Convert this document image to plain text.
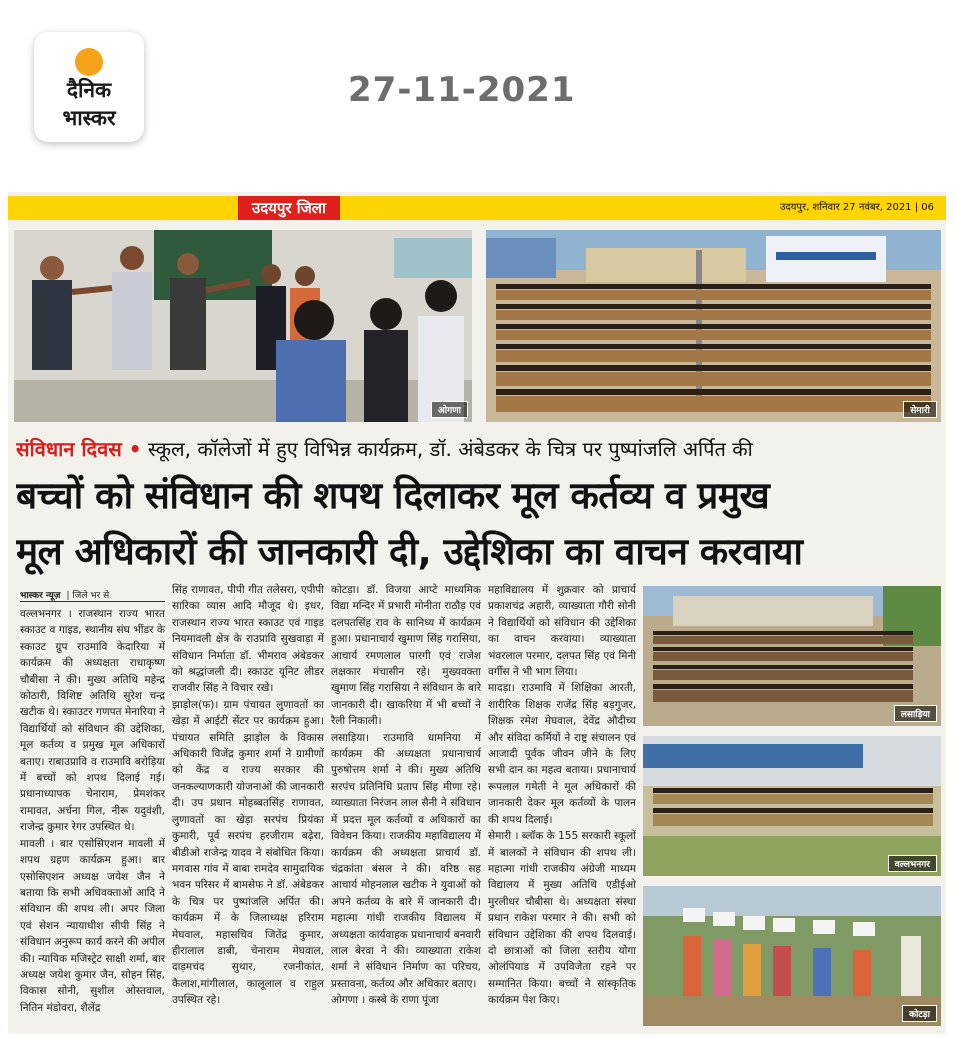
दैनिक
भास्कर
27-11-2021
उदयपुर जिला	उदयपुर, शनिवार 27 नवंबर, 2021 | 06
ओगणा	सेमारी
संविधान दिवस • स्कूल, कॉलेजों में हुए विभिन्न कार्यक्रम, डॉ. अंबेडकर के चित्र पर पुष्पांजलि अर्पित की
बच्चों को संविधान की शपथ दिलाकर मूल कर्तव्य व प्रमुख
मूल अधिकारों की जानकारी दी, उद्देशिका का वाचन करवाया
भास्कर न्यूज़ | जिले भर से

वल्लभनगर । राजस्थान राज्य भारत स्काउट व गाइड, स्थानीय संघ भींडर के स्काउट ग्रुप राउमावि केदारिया में कार्यक्रम की अध्यक्षता राधाकृष्ण चौबीसा ने की। मुख्य अतिथि महेन्द्र कोठारी, विशिष्ट अतिथि सुरेश चन्द्र खटीक थे। स्काउटर गणपत मेनारिया ने विद्यार्थियों को संविधान की उद्देशिका, मूल कर्तव्य व प्रमुख मूल अधिकारों बताए। राबाउप्रावि व राउमावि बरोड़िया में बच्चों को शपथ दिलाई गई। प्रधानाध्यापक चेनाराम, प्रेमशंकर रामावत, अर्चना गिल, नीरू यदुवंशी, राजेन्द्र कुमार रेगर उपस्थित थे।

मावली । बार एसोसिएशन मावली में शपथ ग्रहण कार्यक्रम हुआ। बार एसोसिएशन अध्यक्ष जयेश जैन ने बताया कि सभी अधिवक्ताओं आदि ने संविधान की शपथ ली। अपर जिला एवं सेशन न्यायाधीश सीपी सिंह ने संविधान अनुरूप कार्य करने की अपील की। न्यायिक मजिस्ट्रेट साक्षी शर्मा, बार अध्यक्ष जयेश कुमार जैन, सोहन सिंह, विकास सोनी, सुशील ओस्तवाल, नितिन मंडोवरा, शैलेंद्र

सिंह राणावत, पीपी गीत तलेसरा, एपीपी सारिका व्यास आदि मौजूद थे। इधर, राजस्थान राज्य भारत स्काउट एवं गाइड नियमावली क्षेत्र के राउप्रावि सुखवाड़ा में संविधान निर्माता डॉ. भीमराव अंबेडकर को श्रद्धांजली दी। स्काउट यूनिट लीडर राजवीर सिंह ने विचार रखे।

झाड़ोल(फ)। ग्राम पंचायत लुणावतों का खेड़ा में आईटी सेंटर पर कार्यक्रम हुआ। पंचायत समिति झाड़ोल के विकास अधिकारी विजेंद्र कुमार शर्मा ने ग्रामीणों को केंद्र व राज्य सरकार की जनकल्याणकारी योजनाओं की जानकारी दी। उप प्रधान मोहब्बतसिंह राणावत, लुणावतों का खेड़ा सरपंच प्रियंका कुमारी, पूर्व सरपंच हरजीराम बढ़ेरा, बीडीओ राजेन्द्र यादव ने संबोधित किया। मगवास गांव में बाबा रामदेव सामुदायिक भवन परिसर में बामसेफ ने डॉ. अंबेडकर के चित्र पर पुष्पांजलि अर्पित की। कार्यक्रम में के जिलाध्यक्ष हरिराम मेघवाल, महासचिव जितेंद्र कुमार, हीरालाल डाबी, चेनाराम मेघवाल, दाड़मचंद सुथार, रजनीकांत, कैलाश,मांगीलाल, कालूलाल व राहुल उपस्थित रहे।

कोटड़ा। डॉ. विजया आप्टे माध्यमिक विद्या मन्दिर में प्रभारी मोनीता राठौड़ एवं दलपतसिंह राव के सानिध्य में कार्यक्रम हुआ। प्रधानाचार्य खुमाण सिंह गरासिया, आचार्य रमणलाल पारगी एवं राजेश लक्षकार मंचासीन रहे। मुख्यवक्ता खुमाण सिंह गरासिया ने संविधान के बारे जानकारी दी। खाकरिया में भी बच्चों ने रैली निकाली।

लसाड़िया। राउमावि धामनिया में कार्यक्रम की अध्यक्षता प्रधानाचार्य पुरुषोत्तम शर्मा ने की। मुख्य अतिथि सरपंच प्रतिनिधि प्रताप सिंह मीणा रहे। व्याख्याता निरंजन लाल सैनी ने संविधान में प्रदत्त मूल कर्तव्यों व अधिकारों का विवेचन किया। राजकीय महाविद्यालय में कार्यक्रम की अध्यक्षता प्राचार्य डॉ. चंद्रकांता बंसल ने की। वरिष्ठ सह आचार्य मोहनलाल खटीक ने युवाओं को अपने कर्तव्य के बारे में जानकारी दी। महात्मा गांधी राजकीय विद्यालय में अध्यक्षता कार्यवाहक प्रधानाचार्य बनवारी लाल बेरवा ने की। व्याख्याता राकेश शर्मा ने संविधान निर्माण का परिचय, प्रस्तावना, कर्तव्य और अधिकार बताए।

ओगणा । कस्बे के राणा पूंजा

महाविद्यालय में शुक्रवार को प्राचार्य प्रकाशचंद्र अहारी, व्याख्याता गौरी सोनी ने विद्यार्थियों को संविधान की उद्देशिका का वाचन करवाया। व्याख्याता भंवरलाल परमार, दलपत सिंह एवं मिनी वर्गीस ने भी भाग लिया।

मादड़ा। राउमावि में शिक्षिका आरती, शारीरिक शिक्षक राजेंद्र सिंह बड़गुजर, शिक्षक रमेश मेघवाल, देवेंद्र औदीच्य और संविदा कर्मियों ने राष्ट्र संचालन एवं आजादी पूर्वक जीवन जीने के लिए सभी दान का महत्व बताया। प्रधानाचार्य रूपलाल गमेती ने मूल अधिकारों की जानकारी देकर मूल कर्तव्यों के पालन की शपथ दिलाई।

सेमारी । ब्लॉक के 155 सरकारी स्कूलों में बालकों ने संविधान की शपथ ली। महात्मा गांधी राजकीय अंग्रेजी माध्यम विद्यालय में मुख्य अतिथि एडीईओ मुरलीधर चौबीसा थे। अध्यक्षता संस्था प्रधान राकेश परमार ने की। सभी को संविधान उद्देशिका की शपथ दिलवाई। दो छात्राओं को जिला स्तरीय योगा ओलंपियाड में उपविजेता रहने पर सम्मानित किया। बच्चों ने सांस्कृतिक कार्यक्रम पेश किए।

लसाड़िया
वल्लभनगर
कोटड़ा
